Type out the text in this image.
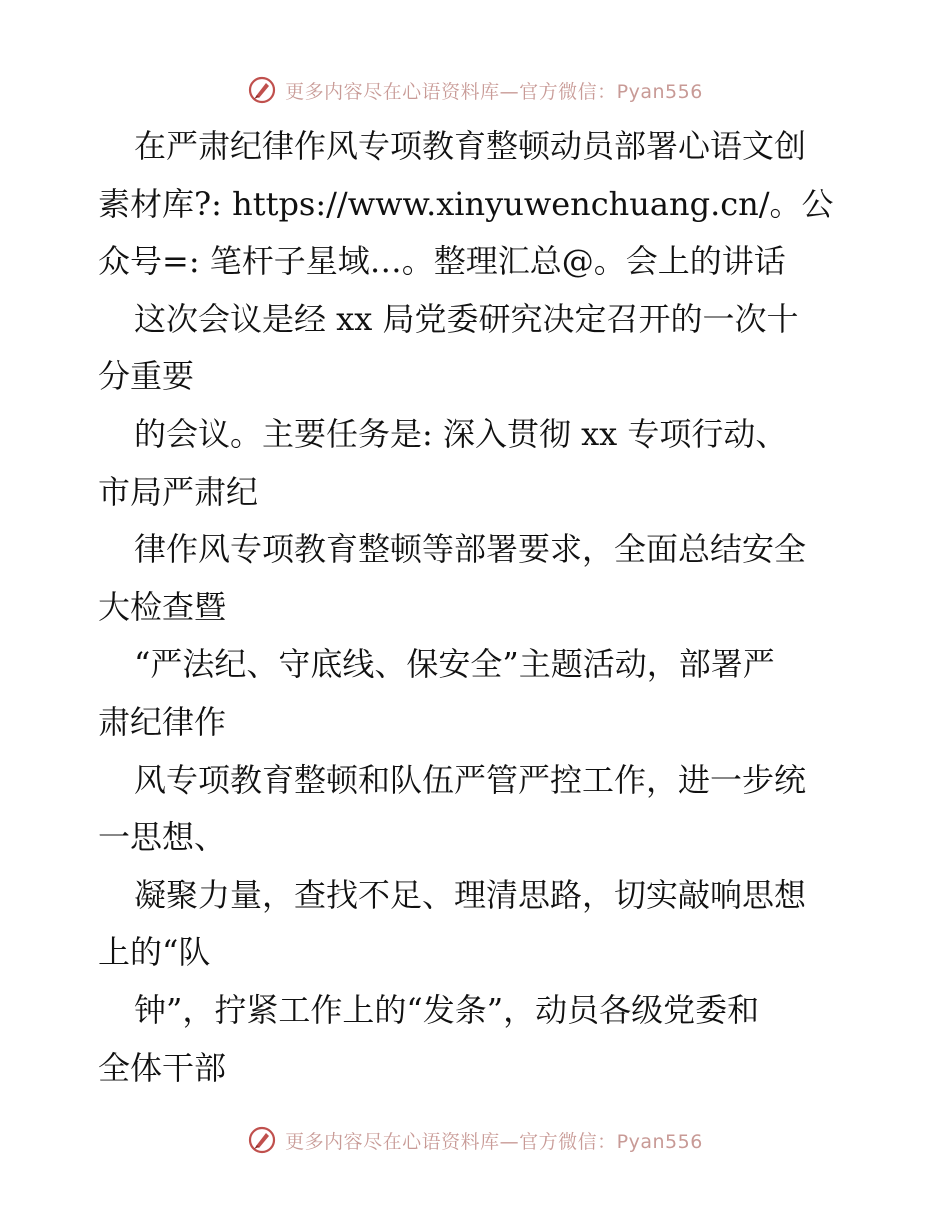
更多内容尽在心语资料库—官方微信：Pyan556
在严肃纪律作风专项教育整顿动员部署心语文创
素材库?: https://www.xinyuwenchuang.cn/。公
众号=: 笔杆子星域…。整理汇总@。会上的讲话
这次会议是经 xx 局党委研究决定召开的一次十
分重要
的会议。主要任务是: 深入贯彻 xx 专项行动、
市局严肃纪
律作风专项教育整顿等部署要求，全面总结安全
大检查暨
“严法纪、守底线、保安全”主题活动，部署严
肃纪律作
风专项教育整顿和队伍严管严控工作，进一步统
一思想、
凝聚力量，查找不足、理清思路，切实敲响思想
上的“队
钟”，拧紧工作上的“发条”，动员各级党委和
全体干部
更多内容尽在心语资料库—官方微信：Pyan556
